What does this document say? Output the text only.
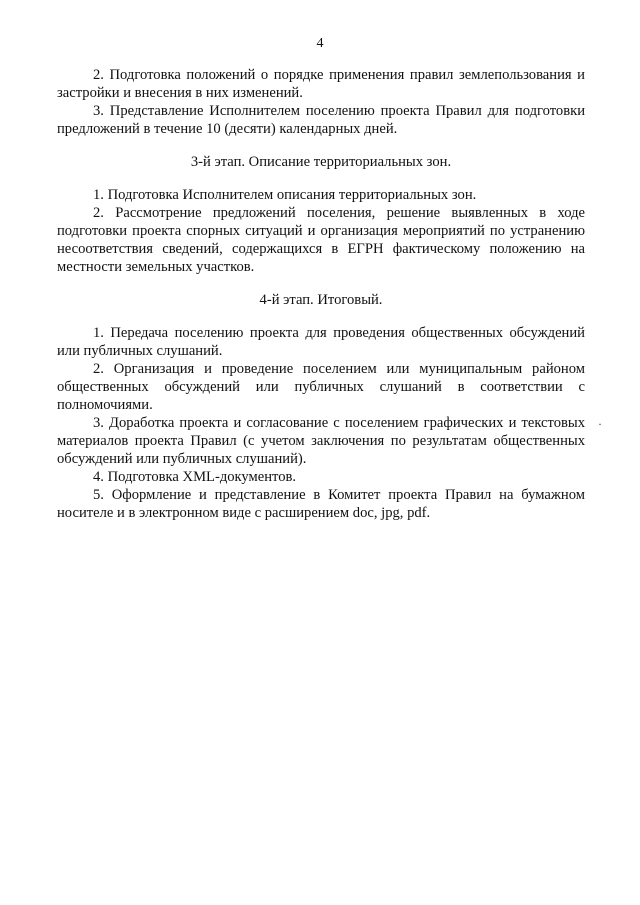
4

2. Подготовка положений о порядке применения правил землепользования и застройки и внесения в них изменений.

3. Представление Исполнителем поселению проекта Правил для подготовки предложений в течение 10 (десяти) календарных дней.

3-й этап. Описание территориальных зон.

1. Подготовка Исполнителем описания территориальных зон.

2. Рассмотрение предложений поселения, решение выявленных в ходе подготовки проекта спорных ситуаций и организация мероприятий по устранению несоответствия сведений, содержащихся в ЕГРН фактическому положению на местности земельных участков.

4-й этап. Итоговый.

1. Передача поселению проекта для проведения общественных обсуждений или публичных слушаний.

2. Организация и проведение поселением или муниципальным районом общественных обсуждений или публичных слушаний в соответствии с полномочиями.

3. Доработка проекта и согласование с поселением графических и текстовых материалов проекта Правил (с учетом заключения по результатам общественных обсуждений или публичных слушаний).

4. Подготовка XML-документов.

5. Оформление и представление в Комитет проекта Правил на бумажном носителе и в электронном виде с расширением doc, jpg, pdf.

·
